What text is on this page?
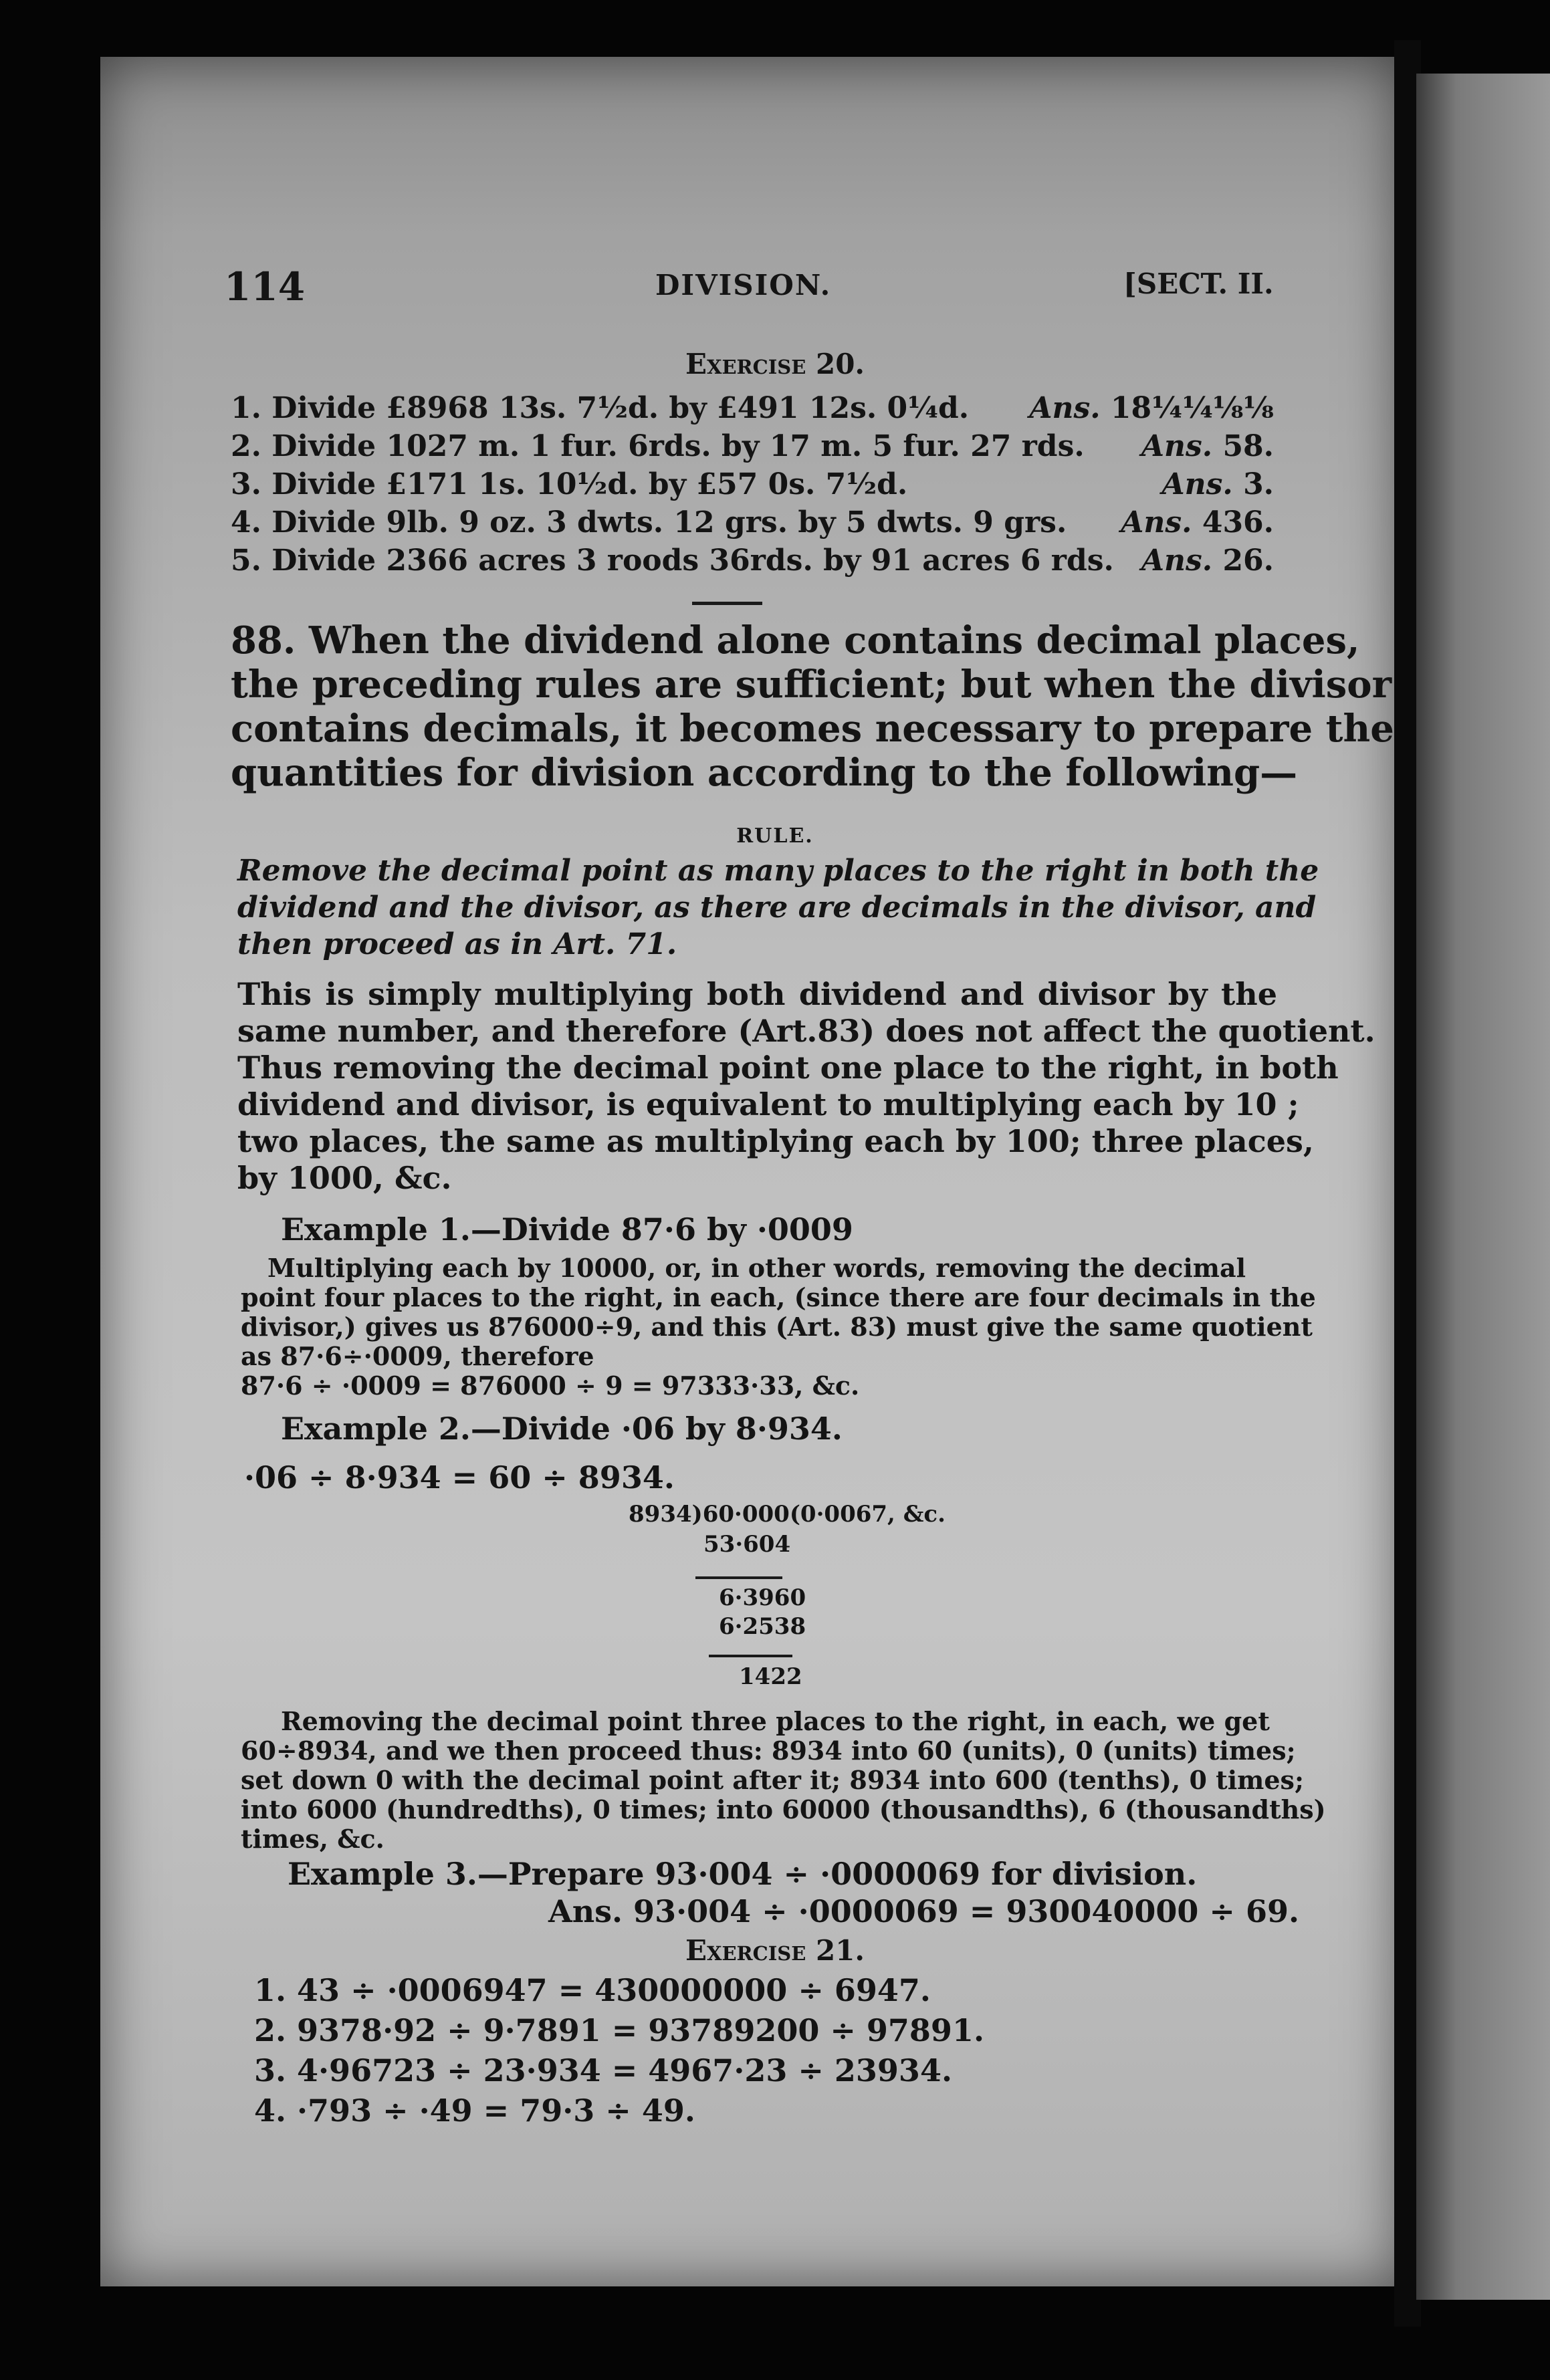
114	DIVISION.	[SECT. II.
Exercise 20.
1. Divide £8968 13s. 7½d. by £491 12s. 0¼d. Ans. 18¼¼⅛⅛
2. Divide 1027 m. 1 fur. 6rds. by 17 m. 5 fur. 27 rds. Ans. 58.
3. Divide £171 1s. 10½d. by £57 0s. 7½d.	Ans. 3.
4. Divide 9lb. 9 oz. 3 dwts. 12 grs. by 5 dwts. 9 grs. Ans. 436.
5. Divide 2366 acres 3 roods 36rds. by 91 acres 6 rds. Ans. 26.
88. When the dividend alone contains decimal places,
the preceding rules are sufficient; but when the divisor
contains decimals, it becomes necessary to prepare the
quantities for division according to the following—
RULE.
Remove the decimal point as many places to the right in both the
dividend and the divisor, as there are decimals in the divisor, and
then proceed as in Art. 71.
This is simply multiplying both dividend and divisor by the
same number, and therefore (Art.83) does not affect the quotient.
Thus removing the decimal point one place to the right, in both
dividend and divisor, is equivalent to multiplying each by 10 ;
two places, the same as multiplying each by 100; three places,
by 1000, &c.
Example 1.—Divide 87·6 by ·0009
Multiplying each by 10000, or, in other words, removing the decimal
point four places to the right, in each, (since there are four decimals in the
divisor,) gives us 876000÷9, and this (Art. 83) must give the same quotient
as 87·6÷·0009, therefore
87·6 ÷ ·0009 = 876000 ÷ 9 = 97333·33, &c.
Example 2.—Divide ·06 by 8·934.
·06 ÷ 8·934 = 60 ÷ 8934.
8934)60·000(0·0067, &c.
53·604
6·3960
6·2538
1422
Removing the decimal point three places to the right, in each, we get
60÷8934, and we then proceed thus: 8934 into 60 (units), 0 (units) times;
set down 0 with the decimal point after it; 8934 into 600 (tenths), 0 times;
into 6000 (hundredths), 0 times; into 60000 (thousandths), 6 (thousandths)
times, &c.
Example 3.—Prepare 93·004 ÷ ·0000069 for division.
Ans. 93·004 ÷ ·0000069 = 930040000 ÷ 69.
Exercise 21.
1. 43 ÷ ·0006947 = 430000000 ÷ 6947.
2. 9378·92 ÷ 9·7891 = 93789200 ÷ 97891.
3. 4·96723 ÷ 23·934 = 4967·23 ÷ 23934.
4. ·793 ÷ ·49 = 79·3 ÷ 49.
